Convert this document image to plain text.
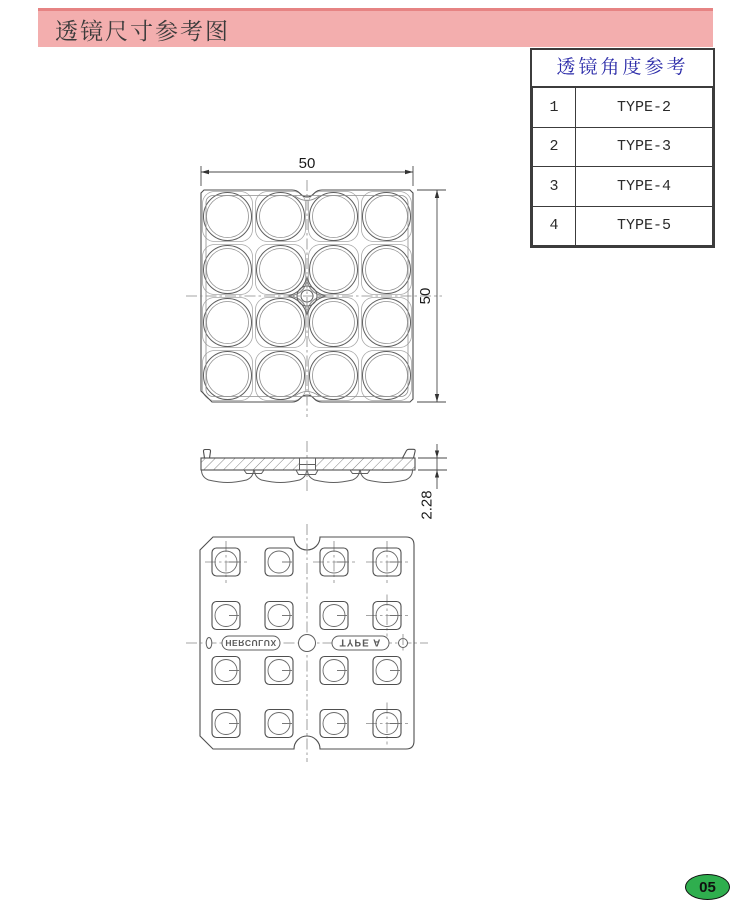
透镜尺寸参考图
透镜角度参考
1	TYPE-2
2	TYPE-3
3	TYPE-4
4	TYPE-5
50
50
2.28
HERCULUX	TYPE A
05
